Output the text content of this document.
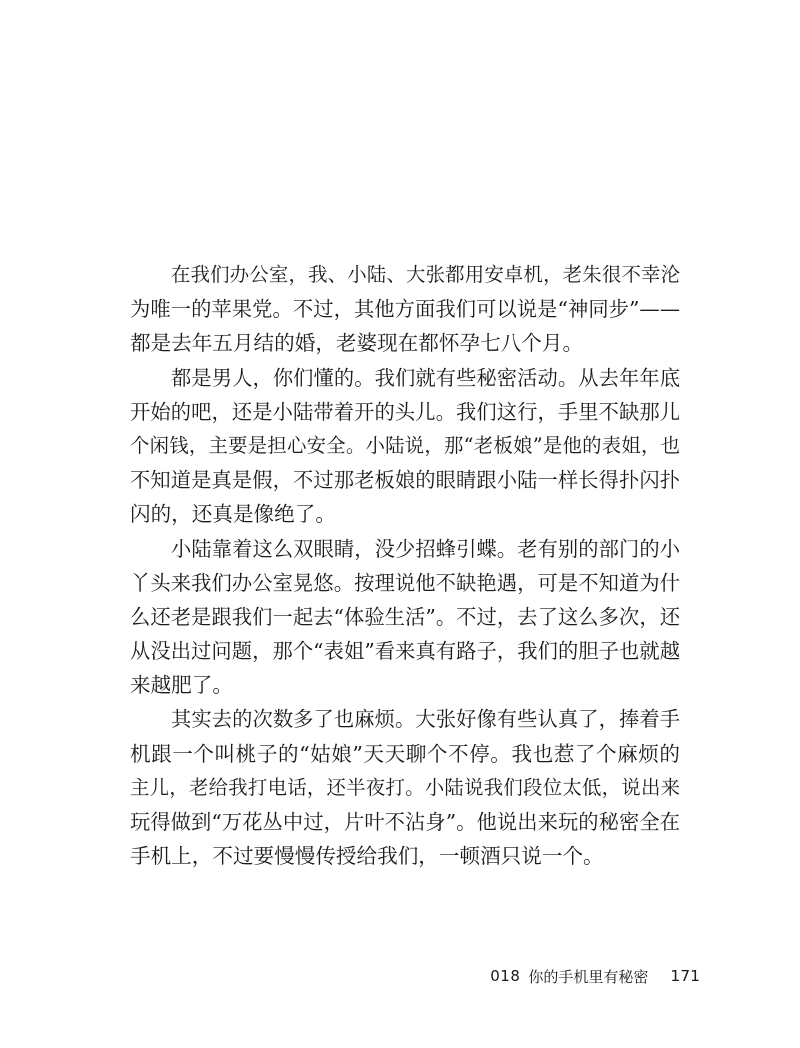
在我们办公室，我、小陆、大张都用安卓机，老朱很不幸沦
为唯一的苹果党。不过，其他方面我们可以说是“神同步”——
都是去年五月结的婚，老婆现在都怀孕七八个月。
都是男人，你们懂的。我们就有些秘密活动。从去年年底
开始的吧，还是小陆带着开的头儿。我们这行，手里不缺那儿
个闲钱，主要是担心安全。小陆说，那“老板娘”是他的表姐，也
不知道是真是假，不过那老板娘的眼睛跟小陆一样长得扑闪扑
闪的，还真是像绝了。
小陆靠着这么双眼睛，没少招蜂引蝶。老有别的部门的小
丫头来我们办公室晃悠。按理说他不缺艳遇，可是不知道为什
么还老是跟我们一起去“体验生活”。不过，去了这么多次，还
从没出过问题，那个“表姐”看来真有路子，我们的胆子也就越
来越肥了。
其实去的次数多了也麻烦。大张好像有些认真了，捧着手
机跟一个叫桃子的“姑娘”天天聊个不停。我也惹了个麻烦的
主儿，老给我打电话，还半夜打。小陆说我们段位太低，说出来
玩得做到“万花丛中过，片叶不沾身”。他说出来玩的秘密全在
手机上，不过要慢慢传授给我们，一顿酒只说一个。
018 你的手机里有秘密 171
